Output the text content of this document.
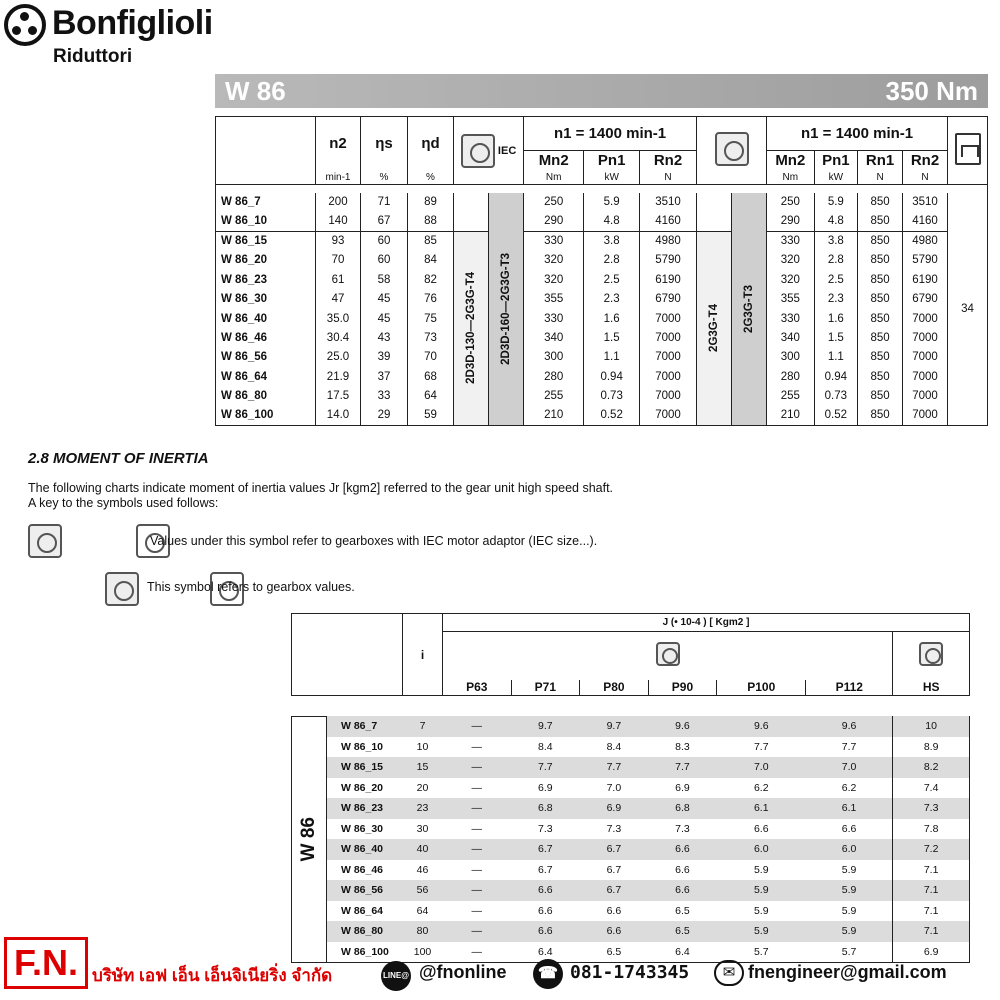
Bonfiglioli
Riduttori
W 86	350 Nm
	n2	ηs	ηd	IEC		n1 = 1400 min-1					n1 = 1400 min-1				
						Mn2	Pn1	Rn2			Mn2	Pn1	Rn1	Rn2	
	min-1	%	%			Nm	kW	N			Nm	kW	N	N	

W 86_7	200	71	89		2D3D-160—2G3G-T3	250	5.9	3510		2G3G-T3	250	5.9	850	3510	34
W 86_10	140	67	88			290	4.8	4160			290	4.8	850	4160	
W 86_15	93	60	85	2D3D-130—2G3G-T4		330	3.8	4980	2G3G-T4		330	3.8	850	4980	
W 86_20	70	60	84			320	2.8	5790			320	2.8	850	5790	
W 86_23	61	58	82			320	2.5	6190			320	2.5	850	6190	
W 86_30	47	45	76			355	2.3	6790			355	2.3	850	6790	
W 86_40	35.0	45	75			330	1.6	7000			330	1.6	850	7000	
W 86_46	30.4	43	73			340	1.5	7000			340	1.5	850	7000	
W 86_56	25.0	39	70			300	1.1	7000			300	1.1	850	7000	
W 86_64	21.9	37	68			280	0.94	7000			280	0.94	850	7000	
W 86_80	17.5	33	64			255	0.73	7000			255	0.73	850	7000	
W 86_100	14.0	29	59			210	0.52	7000			210	0.52	850	7000	
2.8 MOMENT OF INERTIA
The following charts indicate moment of inertia values Jr [kgm2] referred to the gear unit high speed shaft.
A key to the symbols used follows:

Values under this symbol refer to gearboxes with IEC motor adaptor (IEC size...).

This symbol refers to gearbox values.
		i	J (• 10-4 ) [ Kgm2 ]						

			P63	P71	P80	P90	P100	P112	HS

W 86	W 86_7	7	—	9.7	9.7	9.6	9.6	9.6	10
	W 86_10	10	—	8.4	8.4	8.3	7.7	7.7	8.9
	W 86_15	15	—	7.7	7.7	7.7	7.0	7.0	8.2
	W 86_20	20	—	6.9	7.0	6.9	6.2	6.2	7.4
	W 86_23	23	—	6.8	6.9	6.8	6.1	6.1	7.3
	W 86_30	30	—	7.3	7.3	7.3	6.6	6.6	7.8
	W 86_40	40	—	6.7	6.7	6.6	6.0	6.0	7.2
	W 86_46	46	—	6.7	6.7	6.6	5.9	5.9	7.1
	W 86_56	56	—	6.6	6.7	6.6	5.9	5.9	7.1
	W 86_64	64	—	6.6	6.6	6.5	5.9	5.9	7.1
	W 86_80	80	—	6.6	6.6	6.5	5.9	5.9	7.1
	W 86_100	100	—	6.4	6.5	6.4	5.7	5.7	6.9
F.N. บริษัท เอฟ เอ็น เอ็นจิเนียริ่ง จำกัด	LINE@ @fnonline	☎ 081-1743345	✉ fnengineer@gmail.com
